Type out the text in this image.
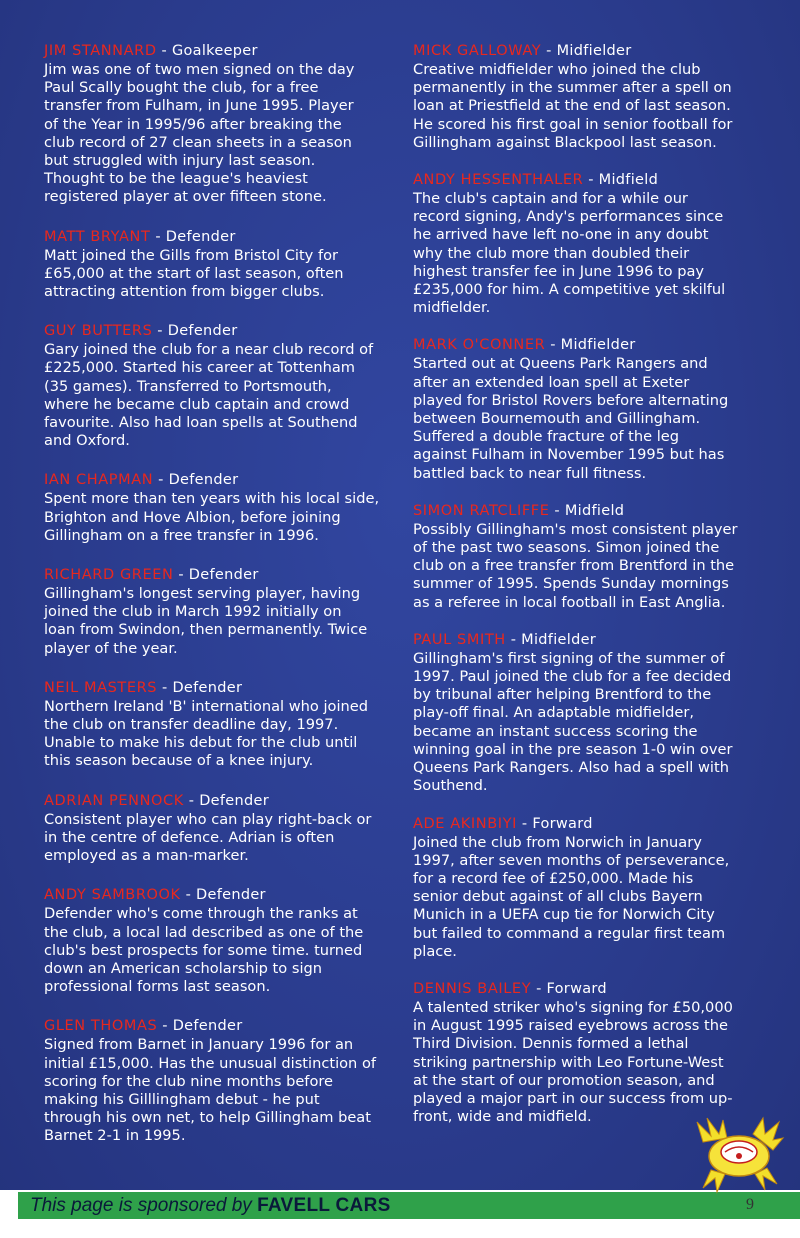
JIM STANNARD - Goalkeeper
Jim was one of two men signed on the day
Paul Scally bought the club, for a free
transfer from Fulham, in June 1995. Player
of the Year in 1995/96 after breaking the
club record of 27 clean sheets in a season
but struggled with injury last season.
Thought to be the league's heaviest
registered player at over fifteen stone.
MATT BRYANT - Defender
Matt joined the Gills from Bristol City for
£65,000 at the start of last season, often
attracting attention from bigger clubs.
GUY BUTTERS - Defender
Gary joined the club for a near club record of
£225,000. Started his career at Tottenham
(35 games). Transferred to Portsmouth,
where he became club captain and crowd
favourite. Also had loan spells at Southend
and Oxford.
IAN CHAPMAN - Defender
Spent more than ten years with his local side,
Brighton and Hove Albion, before joining
Gillingham on a free transfer in 1996.
RICHARD GREEN - Defender
Gillingham's longest serving player, having
joined the club in March 1992 initially on
loan from Swindon, then permanently. Twice
player of the year.
NEIL MASTERS - Defender
Northern Ireland 'B' international who joined
the club on transfer deadline day, 1997.
Unable to make his debut for the club until
this season because of a knee injury.
ADRIAN PENNOCK - Defender
Consistent player who can play right-back or
in the centre of defence. Adrian is often
employed as a man-marker.
ANDY SAMBROOK - Defender
Defender who's come through the ranks at
the club, a local lad described as one of the
club's best prospects for some time. turned
down an American scholarship to sign
professional forms last season.
GLEN THOMAS - Defender
Signed from Barnet in January 1996 for an
initial £15,000. Has the unusual distinction of
scoring for the club nine months before
making his Gilllingham debut - he put
through his own net, to help Gillingham beat
Barnet 2-1 in 1995.
MICK GALLOWAY - Midfielder
Creative midfielder who joined the club
permanently in the summer after a spell on
loan at Priestfield at the end of last season.
He scored his first goal in senior football for
Gillingham against Blackpool last season.
ANDY HESSENTHALER - Midfield
The club's captain and for a while our
record signing, Andy's performances since
he arrived have left no-one in any doubt
why the club more than doubled their
highest transfer fee in June 1996 to pay
£235,000 for him. A competitive yet skilful
midfielder.
MARK O'CONNER - Midfielder
Started out at Queens Park Rangers and
after an extended loan spell at Exeter
played for Bristol Rovers before alternating
between Bournemouth and Gillingham.
Suffered a double fracture of the leg
against Fulham in November 1995 but has
battled back to near full fitness.
SIMON RATCLIFFE - Midfield
Possibly Gillingham's most consistent player
of the past two seasons. Simon joined the
club on a free transfer from Brentford in the
summer of 1995. Spends Sunday mornings
as a referee in local football in East Anglia.
PAUL SMITH - Midfielder
Gillingham's first signing of the summer of
1997. Paul joined the club for a fee decided
by tribunal after helping Brentford to the
play-off final. An adaptable midfielder,
became an instant success scoring the
winning goal in the pre season 1-0 win over
Queens Park Rangers. Also had a spell with
Southend.
ADE AKINBIYI - Forward
Joined the club from Norwich in January
1997, after seven months of perseverance,
for a record fee of £250,000. Made his
senior debut against of all clubs Bayern
Munich in a UEFA cup tie for Norwich City
but failed to command a regular first team
place.
DENNIS BAILEY - Forward
A talented striker who's signing for £50,000
in August 1995 raised eyebrows across the
Third Division. Dennis formed a lethal
striking partnership with Leo Fortune-West
at the start of our promotion season, and
played a major part in our success from up-
front, wide and midfield.
This page is sponsored by FAVELL CARS	9
